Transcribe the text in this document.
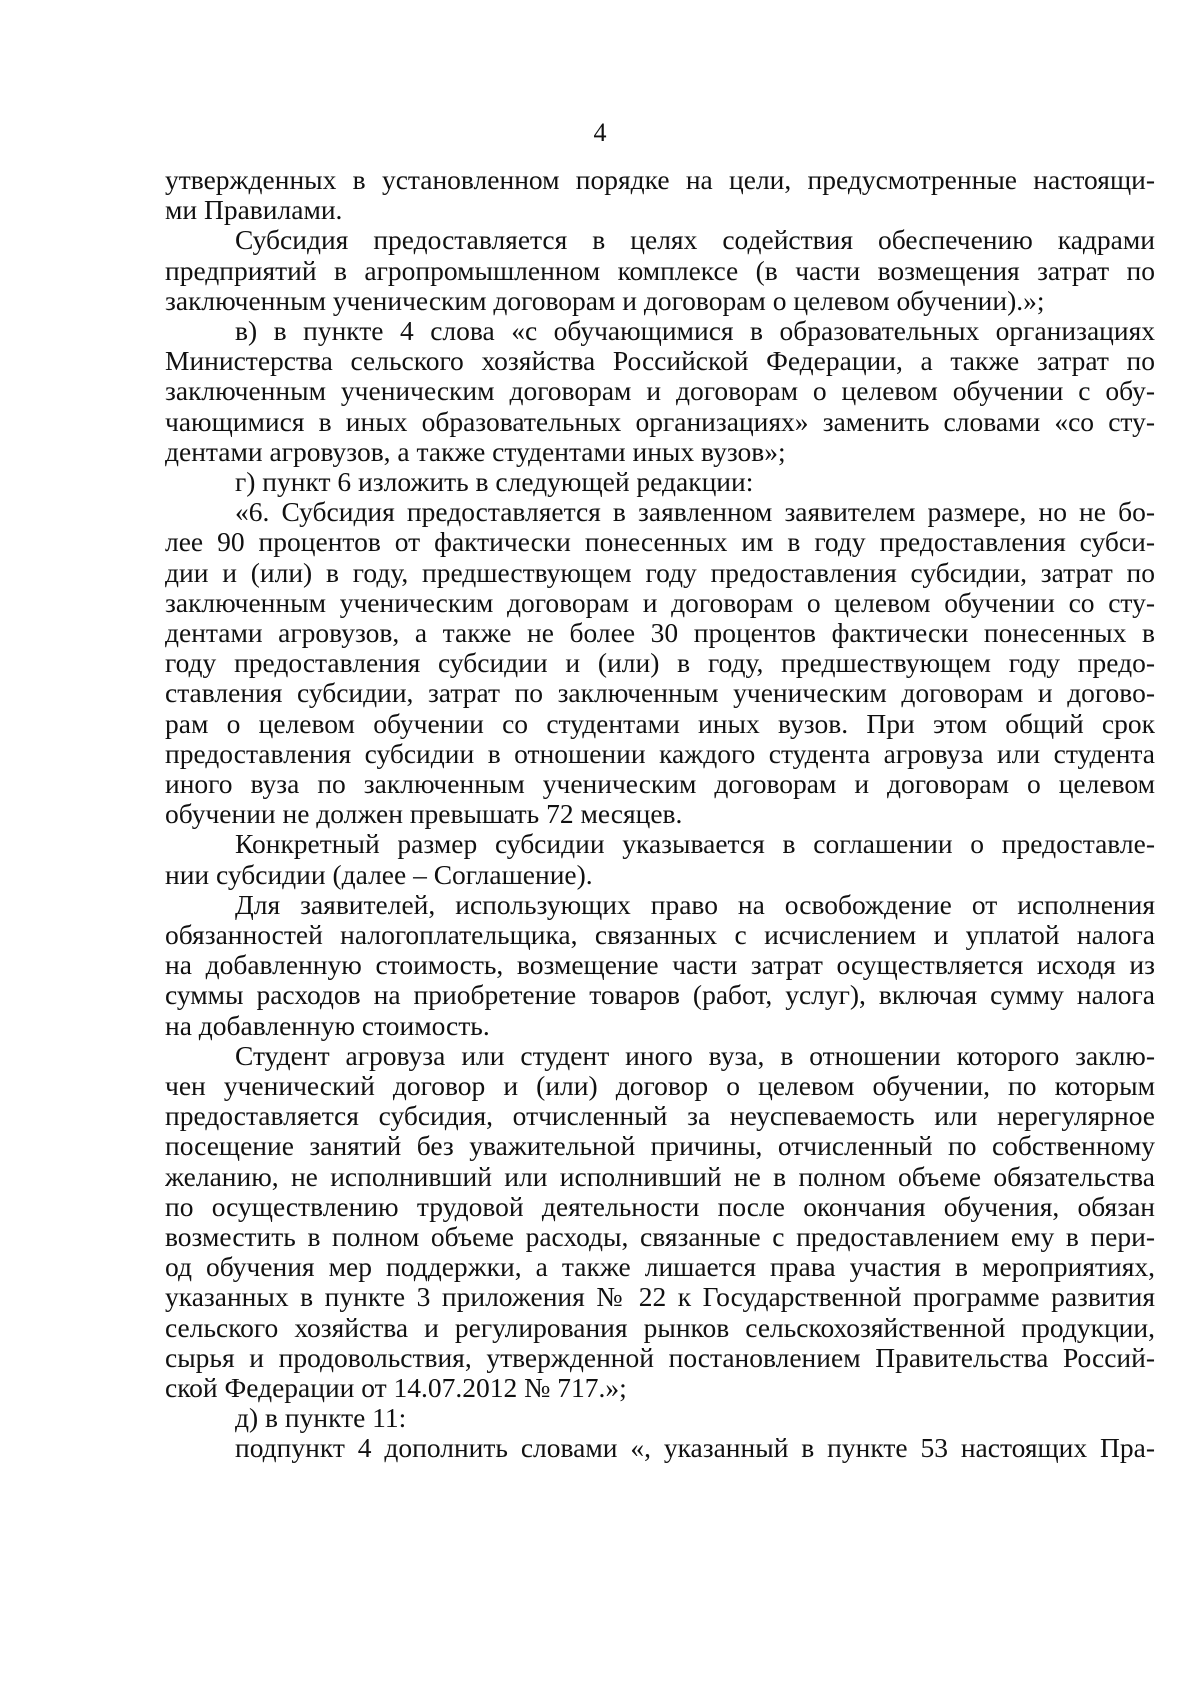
4
утвержденных в установленном порядке на цели, предусмотренные настоящи-
ми Правилами.
Субсидия предоставляется в целях содействия обеспечению кадрами
предприятий в агропромышленном комплексе (в части возмещения затрат по
заключенным ученическим договорам и договорам о целевом обучении).»;
в) в пункте 4 слова «с обучающимися в образовательных организациях
Министерства сельского хозяйства Российской Федерации, а также затрат по
заключенным ученическим договорам и договорам о целевом обучении с обу-
чающимися в иных образовательных организациях» заменить словами «со сту-
дентами агровузов, а также студентами иных вузов»;
г) пункт 6 изложить в следующей редакции:
«6. Субсидия предоставляется в заявленном заявителем размере, но не бо-
лее 90 процентов от фактически понесенных им в году предоставления субси-
дии и (или) в году, предшествующем году предоставления субсидии, затрат по
заключенным ученическим договорам и договорам о целевом обучении со сту-
дентами агровузов, а также не более 30 процентов фактически понесенных в
году предоставления субсидии и (или) в году, предшествующем году предо-
ставления субсидии, затрат по заключенным ученическим договорам и догово-
рам о целевом обучении со студентами иных вузов. При этом общий срок
предоставления субсидии в отношении каждого студента агровуза или студента
иного вуза по заключенным ученическим договорам и договорам о целевом
обучении не должен превышать 72 месяцев.
Конкретный размер субсидии указывается в соглашении о предоставле-
нии субсидии (далее – Соглашение).
Для заявителей, использующих право на освобождение от исполнения
обязанностей налогоплательщика, связанных с исчислением и уплатой налога
на добавленную стоимость, возмещение части затрат осуществляется исходя из
суммы расходов на приобретение товаров (работ, услуг), включая сумму налога
на добавленную стоимость.
Студент агровуза или студент иного вуза, в отношении которого заклю-
чен ученический договор и (или) договор о целевом обучении, по которым
предоставляется субсидия, отчисленный за неуспеваемость или нерегулярное
посещение занятий без уважительной причины, отчисленный по собственному
желанию, не исполнивший или исполнивший не в полном объеме обязательства
по осуществлению трудовой деятельности после окончания обучения, обязан
возместить в полном объеме расходы, связанные с предоставлением ему в пери-
од обучения мер поддержки, а также лишается права участия в мероприятиях,
указанных в пункте 3 приложения № 22 к Государственной программе развития
сельского хозяйства и регулирования рынков сельскохозяйственной продукции,
сырья и продовольствия, утвержденной постановлением Правительства Россий-
ской Федерации от 14.07.2012 № 717.»;
д) в пункте 11:
подпункт 4 дополнить словами «, указанный в пункте 53 настоящих Пра-
